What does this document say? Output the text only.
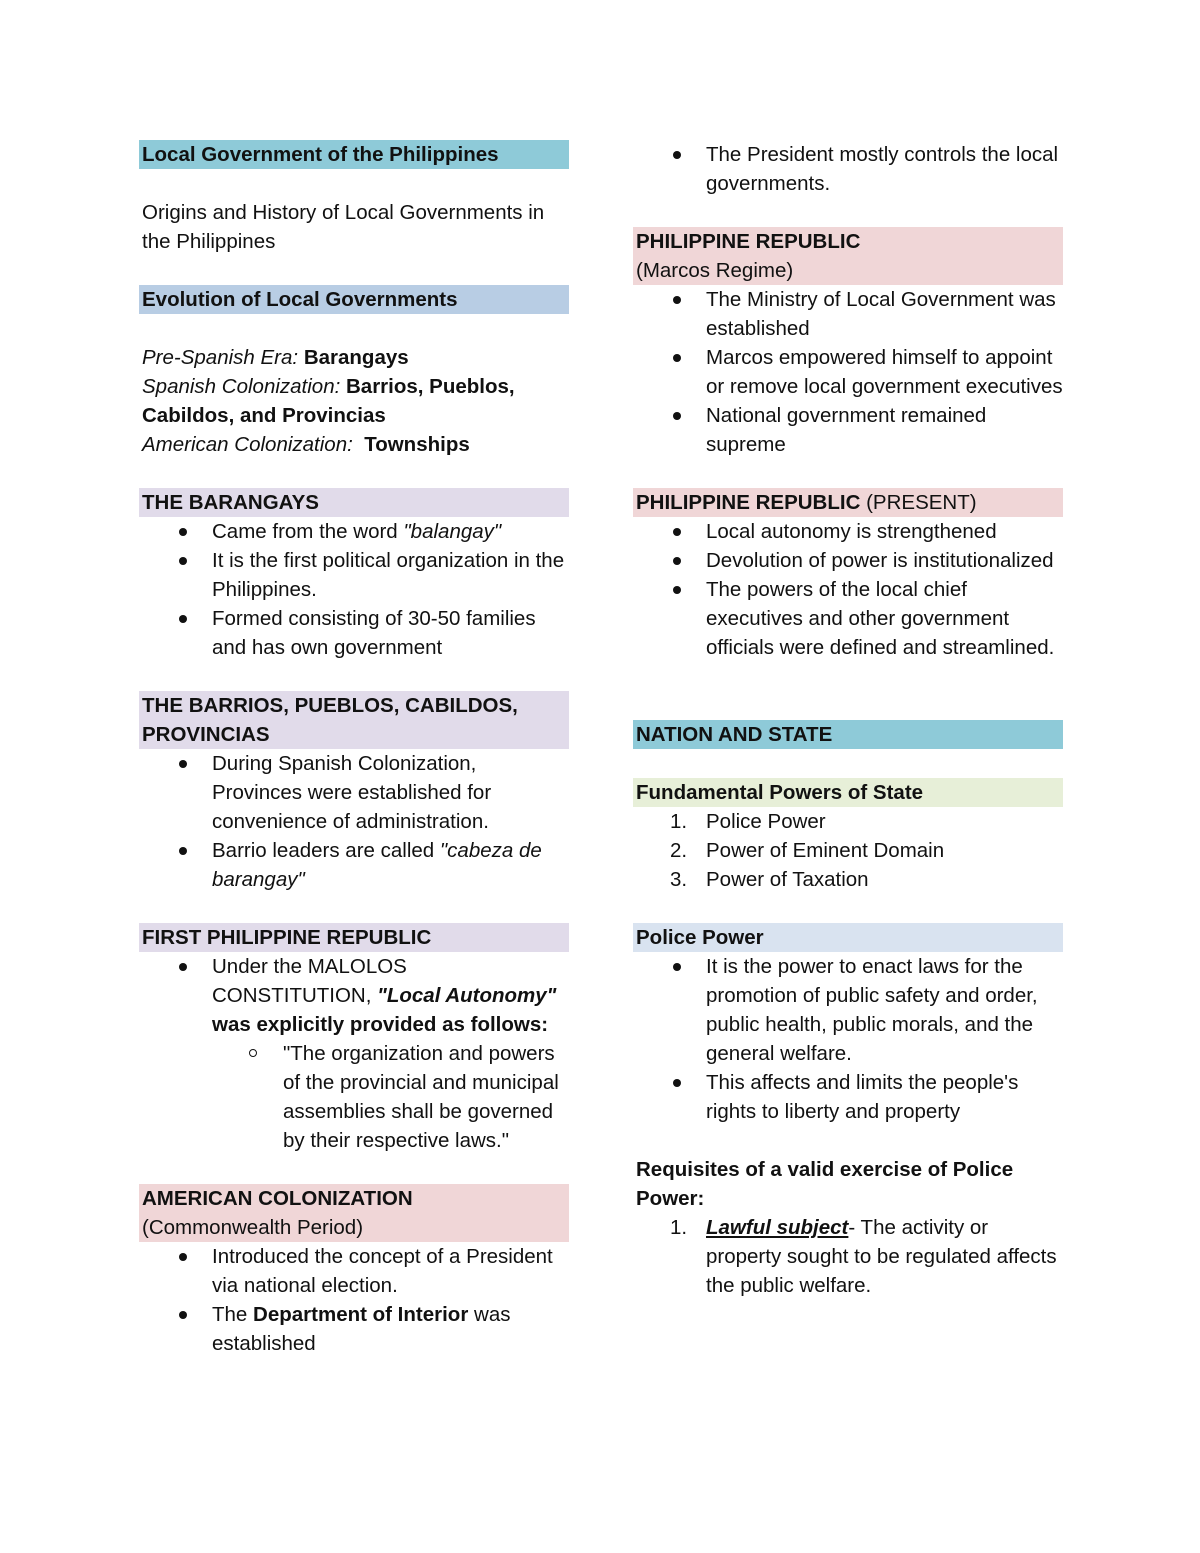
Local Government of the Philippines
Origins and History of Local Governments in the Philippines
Evolution of Local Governments
Pre-Spanish Era: Barangays
Spanish Colonization: Barrios, Pueblos, Cabildos, and Provincias
American Colonization: Townships
THE BARANGAYS
Came from the word "balangay"
It is the first political organization in the Philippines.
Formed consisting of 30-50 families and has own government
THE BARRIOS, PUEBLOS, CABILDOS, PROVINCIAS
During Spanish Colonization, Provinces were established for convenience of administration.
Barrio leaders are called "cabeza de barangay"
FIRST PHILIPPINE REPUBLIC
Under the MALOLOS CONSTITUTION, "Local Autonomy" was explicitly provided as follows:
"The organization and powers of the provincial and municipal assemblies shall be governed by their respective laws."
AMERICAN COLONIZATION
(Commonwealth Period)
Introduced the concept of a President via national election.
The Department of Interior was established
The President mostly controls the local governments.
PHILIPPINE REPUBLIC
(Marcos Regime)
The Ministry of Local Government was established
Marcos empowered himself to appoint or remove local government executives
National government remained supreme
PHILIPPINE REPUBLIC (PRESENT)
Local autonomy is strengthened
Devolution of power is institutionalized
The powers of the local chief executives and other government officials were defined and streamlined.
NATION AND STATE
Fundamental Powers of State
1. Police Power
2. Power of Eminent Domain
3. Power of Taxation
Police Power
It is the power to enact laws for the promotion of public safety and order, public health, public morals, and the general welfare.
This affects and limits the people's rights to liberty and property
Requisites of a valid exercise of Police Power:
1. Lawful subject- The activity or property sought to be regulated affects the public welfare.
